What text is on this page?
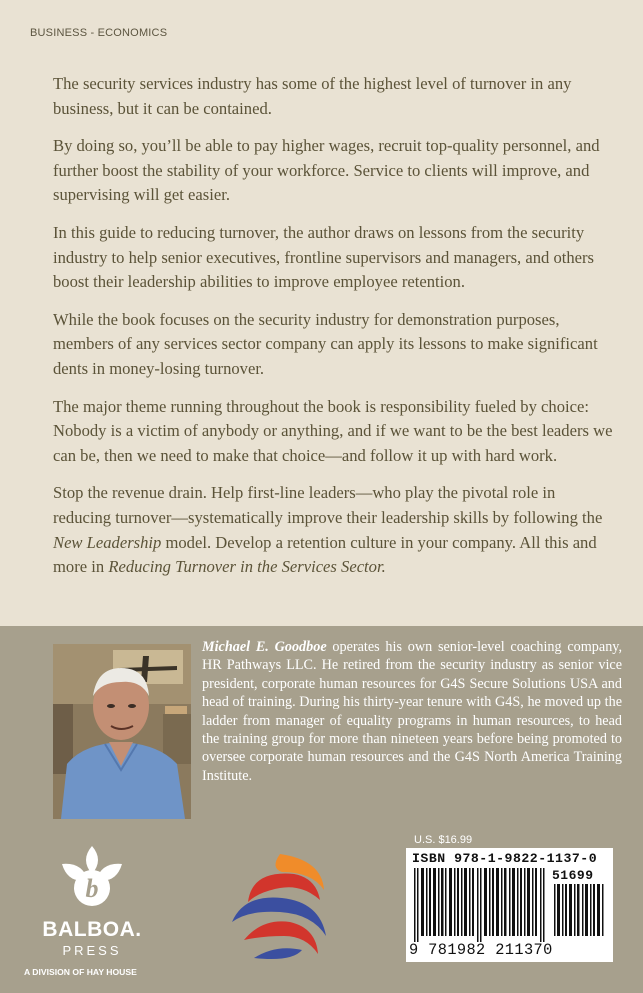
BUSINESS - ECONOMICS

The security services industry has some of the highest level of turnover in any business, but it can be contained.

By doing so, you’ll be able to pay higher wages, recruit top-quality personnel, and further boost the stability of your workforce. Service to clients will improve, and supervising will get easier.

In this guide to reducing turnover, the author draws on lessons from the security industry to help senior executives, frontline supervisors and managers, and others boost their leadership abilities to improve employee retention.

While the book focuses on the security industry for demonstration purposes, members of any services sector company can apply its lessons to make significant dents in money-losing turnover.

The major theme running throughout the book is responsibility fueled by choice: Nobody is a victim of anybody or anything, and if we want to be the best leaders we can be, then we need to make that choice—and follow it up with hard work.

Stop the revenue drain. Help first-line leaders—who play the pivotal role in reducing turnover—systematically improve their leadership skills by following the New Leadership model. Develop a retention culture in your company. All this and more in Reducing Turnover in the Services Sector.

Michael E. Goodboe operates his own senior-level coaching company, HR Pathways LLC. He retired from the security industry as senior vice president, corporate human resources for G4S Secure Solutions USA and head of training. During his thirty-year tenure with G4S, he moved up the ladder from manager of equality programs in human resources, to head the training group for more than nineteen years before being promoted to oversee corporate human resources and the G4S North America Training Institute.
b
BALBOA.
PRESS
A DIVISION OF HAY HOUSE
U.S. $16.99
ISBN 978-1-9822-1137-0
51699
9 781982 211370
